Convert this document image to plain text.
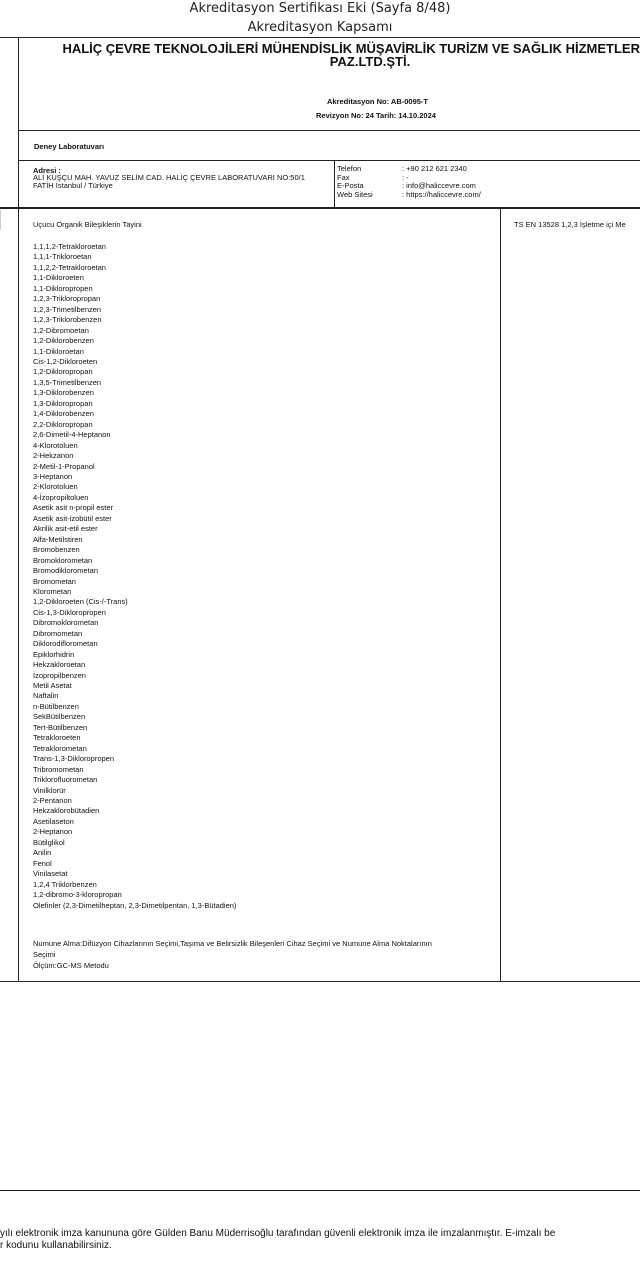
Akreditasyon Sertifikası Eki (Sayfa 8/48)
Akreditasyon Kapsamı
HALİÇ ÇEVRE TEKNOLOJİLERİ MÜHENDİSLİK MÜŞAVİRLİK TURİZM VE SAĞLIK HİZMETLER
PAZ.LTD.ŞTİ.
Akreditasyon No: AB-0095-T
Revizyon No: 24 Tarih: 14.10.2024
Deney Laboratuvarı
Adresi :
ALİ KUŞÇU MAH. YAVUZ SELİM CAD. HALİÇ ÇEVRE LABORATUVARI NO:50/1
FATİH İstanbul / Türkiye
Telefon	: +90 212 621 2340
Fax	: -
E-Posta	: info@haliccevre.com
Web Sitesi	: https://haliccevre.com/
Uçucu Organik Bileşiklerin Tayini	TS EN 13528 1,2,3 İşletme içi Me
1,1,1,2-Tetrakloroetan
1,1,1-Trikloroetan
1,1,2,2-Tetrakloroetan
1,1-Dikloroeten
1,1-Dikloropropen
1,2,3-Trikloropropan
1,2,3-Trimetilbenzen
1,2,3-Triklorobenzen
1,2-Dibromoetan
1,2-Diklorobenzen
1,1-Dikloroetan
Cis-1,2-Dikloroeten
1,2-Dikloropropan
1,3,5-Trimetilbenzen
1,3-Diklorobenzen
1,3-Dikloropropan
1,4-Diklorobenzen
2,2-Dikloropropan
2,6-Dimetil-4-Heptanon
4-Klorotoluen
2-Hekzanon
2-Metil-1-Propanol
3-Heptanon
2-Klorotoluen
4-İzopropiltoluen
Asetik asit n-propil ester
Asetik asit-izobütil ester
Akrilik asit-etil ester
Alfa-Metilstiren
Bromobenzen
Bromoklorometan
Bromodiklorometan
Bromometan
Klorometan
1,2-Dikloroeten (Cis-/-Trans)
Cis-1,3-Dikloropropen
Dibromoklorometan
Dibromometan
Diklorodiflorometan
Epiklorhidrin
Hekzakloroetan
İzopropilbenzen
Metil Asetat
Naftalin
n-Bütilbenzen
SekBütilbenzen
Tert-Bütilbenzen
Tetrakloroeten
Tetraklorometan
Trans-1,3-Dikloropropen
Tribromometan
Triklorofluorometan
Vinilklorür
2-Pentanon
Hekzaklorobütadien
Asetilaseton
2-Heptanon
Bütilglikol
Anilin
Fenol
Vinilasetat
1,2,4 Triklorbenzen
1,2-dibromo-3-kloropropan
Olefinler (2,3-Dimetilheptan, 2,3-Dimetilpentan, 1,3-Bütadien)
Numune Alma:Difüzyon Cihazlarının Seçimi,Taşıma ve Belirsizlik Bileşenleri Cihaz Seçimi ve Numune Alma Noktalarının
Seçimi
Ölçüm:GC-MS Metodu
yılı elektronik imza kanununa göre Gülden Banu Müderrisoğlu tarafından güvenli elektronik imza ile imzalanmıştır. E-imzalı be
r kodunu kullanabilirsiniz.
